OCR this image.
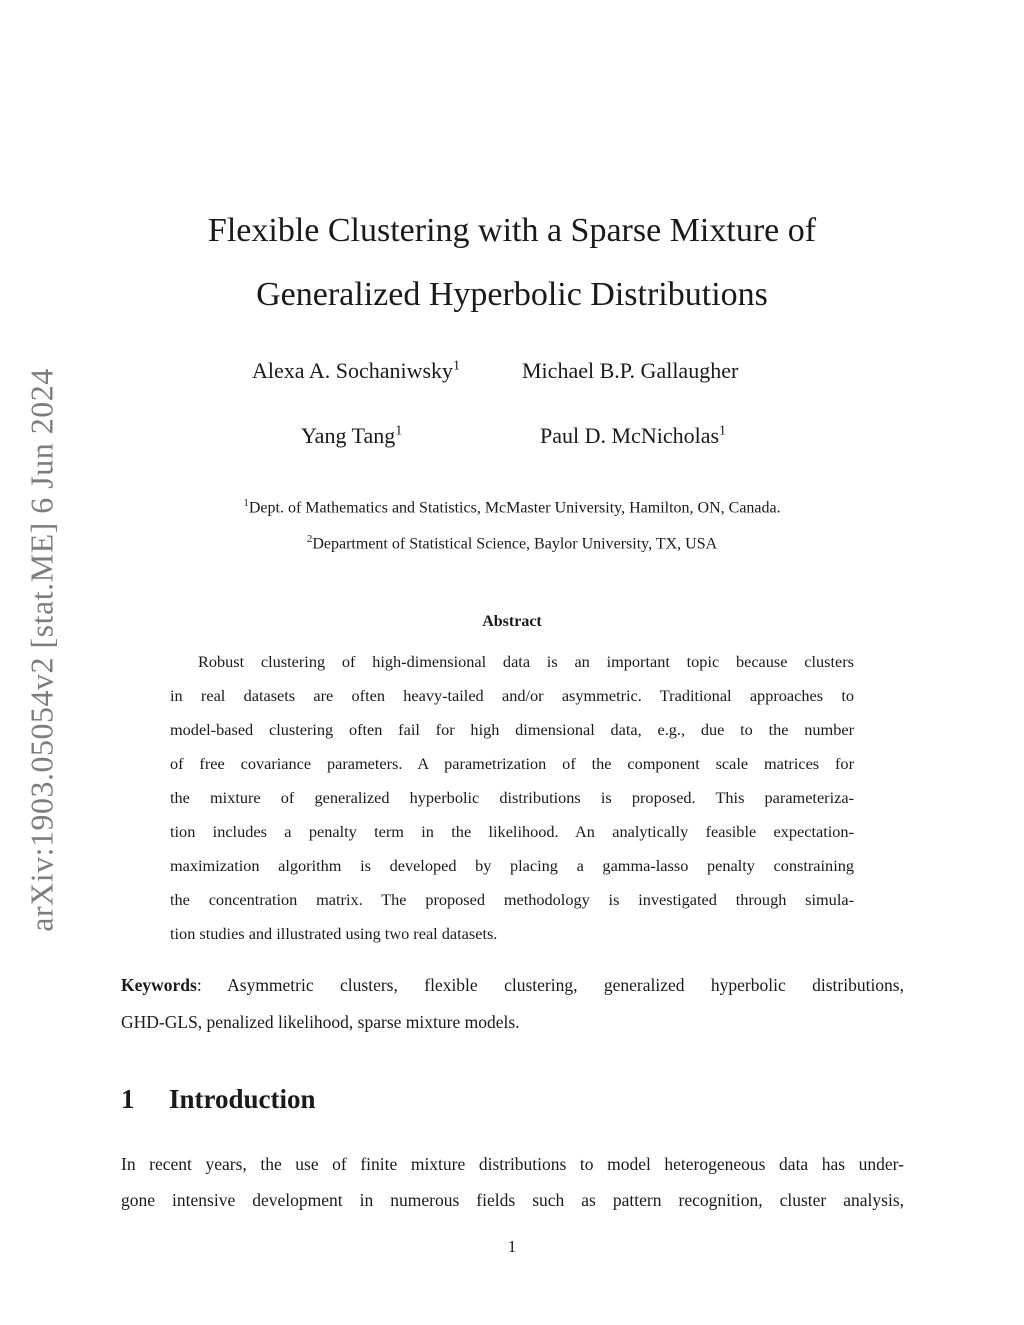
arXiv:1903.05054v2 [stat.ME] 6 Jun 2024
Flexible Clustering with a Sparse Mixture of
Generalized Hyperbolic Distributions
Alexa A. Sochaniwsky$^1$	Michael B.P. Gallaugher
Yang Tang$^1$	Paul D. McNicholas$^1$
$^1$Dept. of Mathematics and Statistics, McMaster University, Hamilton, ON, Canada.
$^2$Department of Statistical Science, Baylor University, TX, USA
Abstract
Robust clustering of high-dimensional data is an important topic because clusters
in real datasets are often heavy-tailed and/or asymmetric. Traditional approaches to
model-based clustering often fail for high dimensional data, e.g., due to the number
of free covariance parameters. A parametrization of the component scale matrices for
the mixture of generalized hyperbolic distributions is proposed. This parameteriza-
tion includes a penalty term in the likelihood. An analytically feasible expectation-
maximization algorithm is developed by placing a gamma-lasso penalty constraining
the concentration matrix. The proposed methodology is investigated through simula-
tion studies and illustrated using two real datasets.
Keywords: Asymmetric clusters, flexible clustering, generalized hyperbolic distributions,
GHD-GLS, penalized likelihood, sparse mixture models.
1 Introduction
In recent years, the use of finite mixture distributions to model heterogeneous data has under-
gone intensive development in numerous fields such as pattern recognition, cluster analysis,
1
